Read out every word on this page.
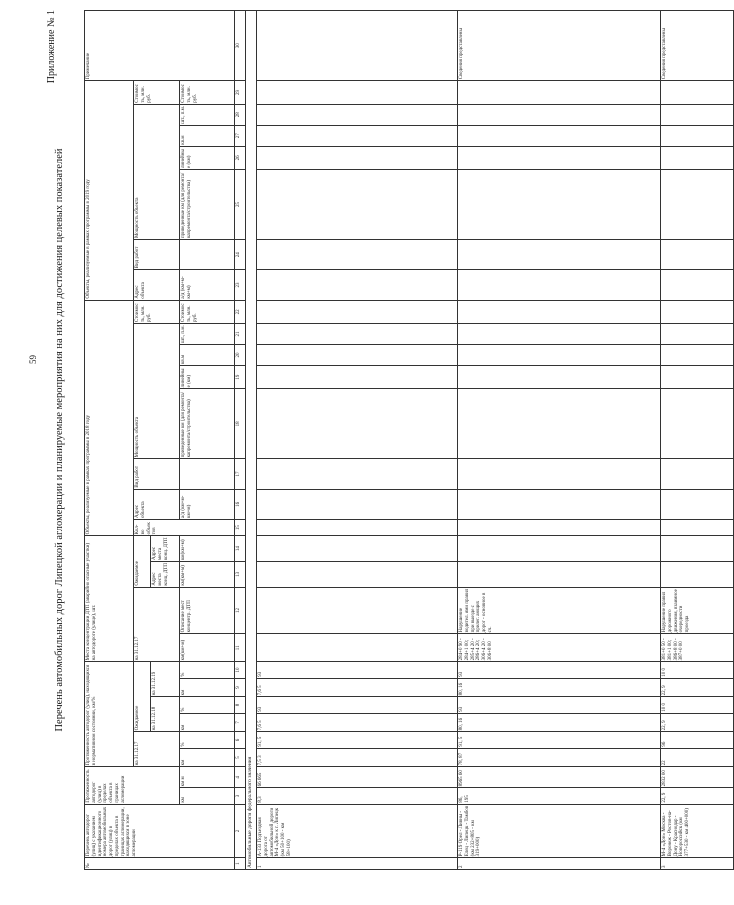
59
Приложение № 1
Перечень автомобильных дорог Липецкой агломерации и планируемые мероприятия на них для достижения целевых показателей
№	Перечень автодорог (улиц) с указанием идентификационного номера автомобильных дорог (улиц) в пределах объекта в границах агломерации, находящихся в зоне агломерации	Протяженность автодорог (улиц) в пределах объекта в границах агломерации		Протяженность автодорог (улиц), находящихся в нормативном состоянии, км/%						Места концентрации ДТП (аварийно опасные участки) на автодороге (улице), шт.				Объекты, реализуемые в рамках программы в 2018 году								Объекты, реализуемые в рамках программы в 2019 году							Примечание
				на 31.12.17		Ожидаемое				на 31.12.17		Ожидаемое		Кол-во объектов	Адрес объекта	Вид работ	Мощность объекта				Стоимость, млн. руб.	Адрес объекта	Вид работ	Мощность объекта				Стоимость, млн. руб.	
						на 31.12.18		на 31.12.19				Адрес места конц. ДТП	Адрес места конц. ДТП																
		км	км м	км	%	км	%	км	%	км(км+м)	Описание мест концентр. ДТП	км(км+м)	км(км+м)		а/д (км+м-км+м)		приведенные км (для ремонта/капремонта/строительства)	линейные (км)	кв.м	шт., п.м.	Стоимость, млн. руб.	а/д (км+м-км+м)		приведенные км (для ремонта/капремонта/строительства)	линейные (км)	кв.м	шт., п.м.	Стоимость, млн. руб.	
1	2	3	4	5	6	7	8	9	10	11	12	13	14	15	16	17	18	19	20	21	22	23	24	25	26	27	28	29	30
Автомобильные дороги федерального значения																													
1	А-133 Подъездная дорога от автомобильной дороги М-4 «Дон» к г. Липецк (км 50+100 - км 58+100)	8,3	66 665	7,5 3	91, 5	7,6 5	93	7,6 5	93																				
2	Р-119 Орел - Ливны - Елец - Липецк - Тамбов (км 232+805 - км 319+000)	86, 195	8965 60	78, 87	91, 5	80, 16	93	80, 16	93	284+0 90 - 284+1 00; 285+4 20 - 286+4 20; 306+4 20 - 306+8 00	Нарушение водител. ями правил при выезде с прилег. ающих дорог - основное в сч.																		Сведения представлены
3	М-4 «Дон» Москва - Воронеж - Ростов-на-Дону - Краснодар - Новороссийск (км 377+530 - км 400+000)	22, 9	2832 00	22	96	22, 9	10 0	22, 9	10 0	381+0 50 - 381+1 00; 386+8 00 - 387+0 00	Нарушение правил дорожного движения, взаимное очередности проезда																		Сведения представлены
